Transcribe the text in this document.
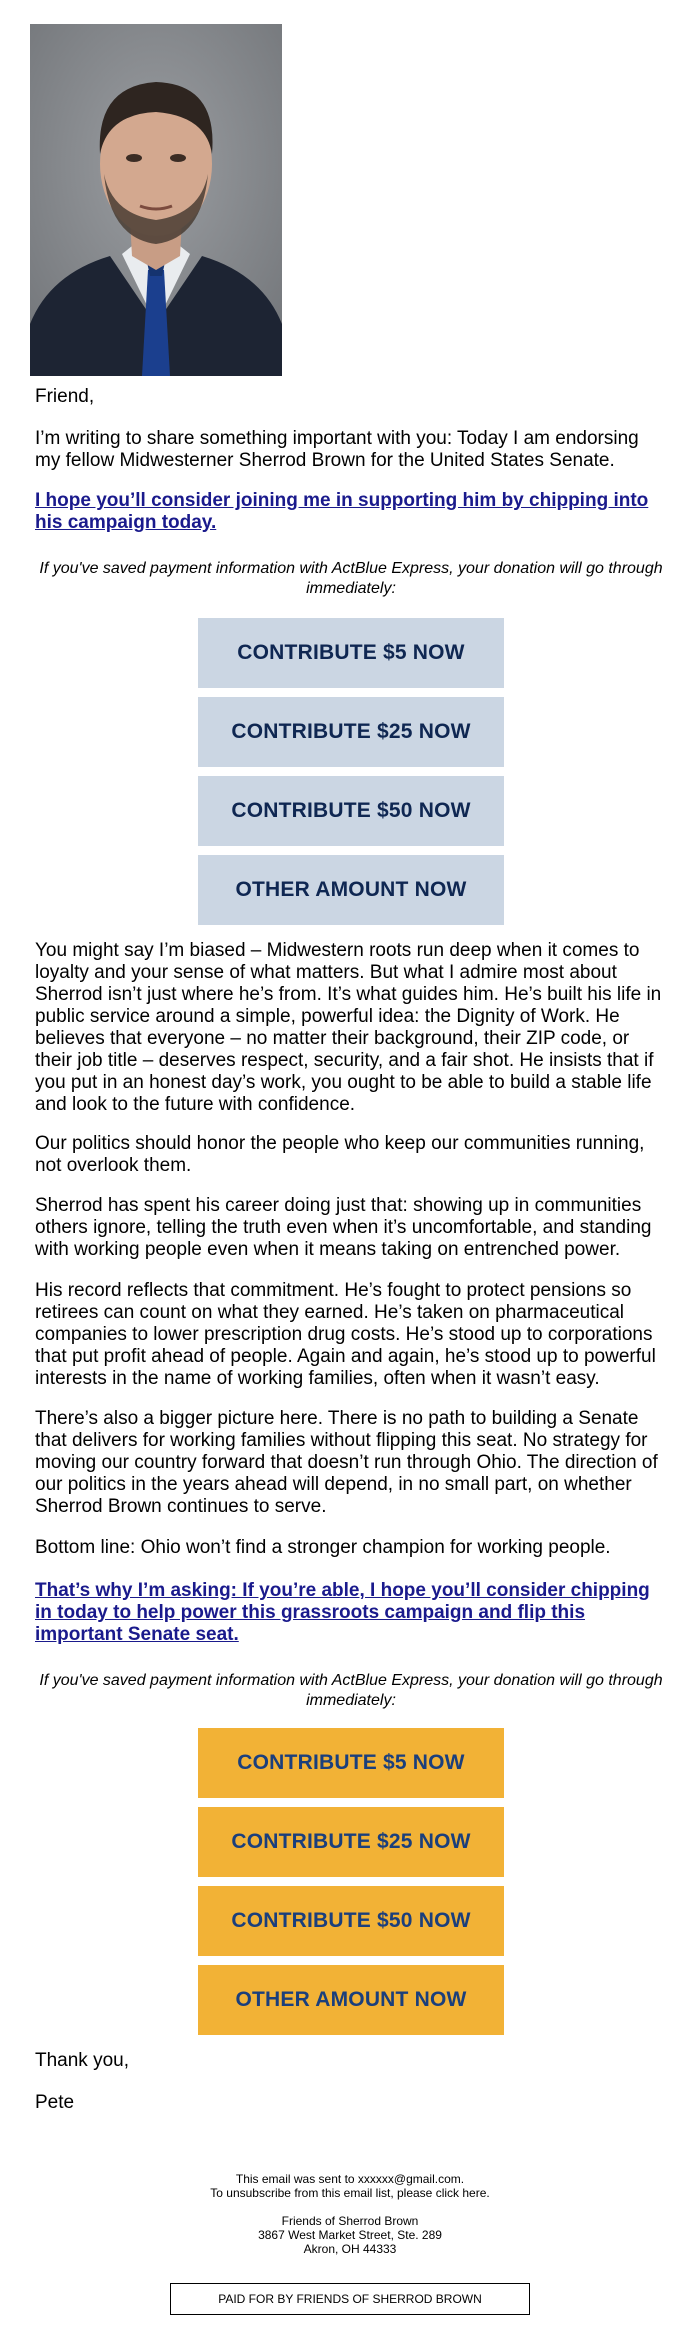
Friend,

I’m writing to share something important with you: Today I am endorsing my fellow Midwesterner Sherrod Brown for the United States Senate.

I hope you’ll consider joining me in supporting him by chipping into his campaign today.

If you've saved payment information with ActBlue Express, your donation will go through immediately:

CONTRIBUTE $5 NOW
CONTRIBUTE $25 NOW
CONTRIBUTE $50 NOW
OTHER AMOUNT NOW

You might say I’m biased – Midwestern roots run deep when it comes to loyalty and your sense of what matters. But what I admire most about Sherrod isn’t just where he’s from. It’s what guides him. He’s built his life in public service around a simple, powerful idea: the Dignity of Work. He believes that everyone – no matter their background, their ZIP code, or their job title – deserves respect, security, and a fair shot. He insists that if you put in an honest day’s work, you ought to be able to build a stable life and look to the future with confidence.

Our politics should honor the people who keep our communities running, not overlook them.

Sherrod has spent his career doing just that: showing up in communities others ignore, telling the truth even when it’s uncomfortable, and standing with working people even when it means taking on entrenched power.

His record reflects that commitment. He’s fought to protect pensions so retirees can count on what they earned. He’s taken on pharmaceutical companies to lower prescription drug costs. He’s stood up to corporations that put profit ahead of people. Again and again, he’s stood up to powerful interests in the name of working families, often when it wasn’t easy.

There’s also a bigger picture here. There is no path to building a Senate that delivers for working families without flipping this seat. No strategy for moving our country forward that doesn’t run through Ohio. The direction of our politics in the years ahead will depend, in no small part, on whether Sherrod Brown continues to serve.

Bottom line: Ohio won’t find a stronger champion for working people.

That’s why I’m asking: If you’re able, I hope you’ll consider chipping in today to help power this grassroots campaign and flip this important Senate seat.

If you've saved payment information with ActBlue Express, your donation will go through immediately:

CONTRIBUTE $5 NOW
CONTRIBUTE $25 NOW
CONTRIBUTE $50 NOW
OTHER AMOUNT NOW

Thank you,

Pete

This email was sent to xxxxxx@gmail.com.
To unsubscribe from this email list, please click here.
Friends of Sherrod Brown
3867 West Market Street, Ste. 289
Akron, OH 44333
PAID FOR BY FRIENDS OF SHERROD BROWN
